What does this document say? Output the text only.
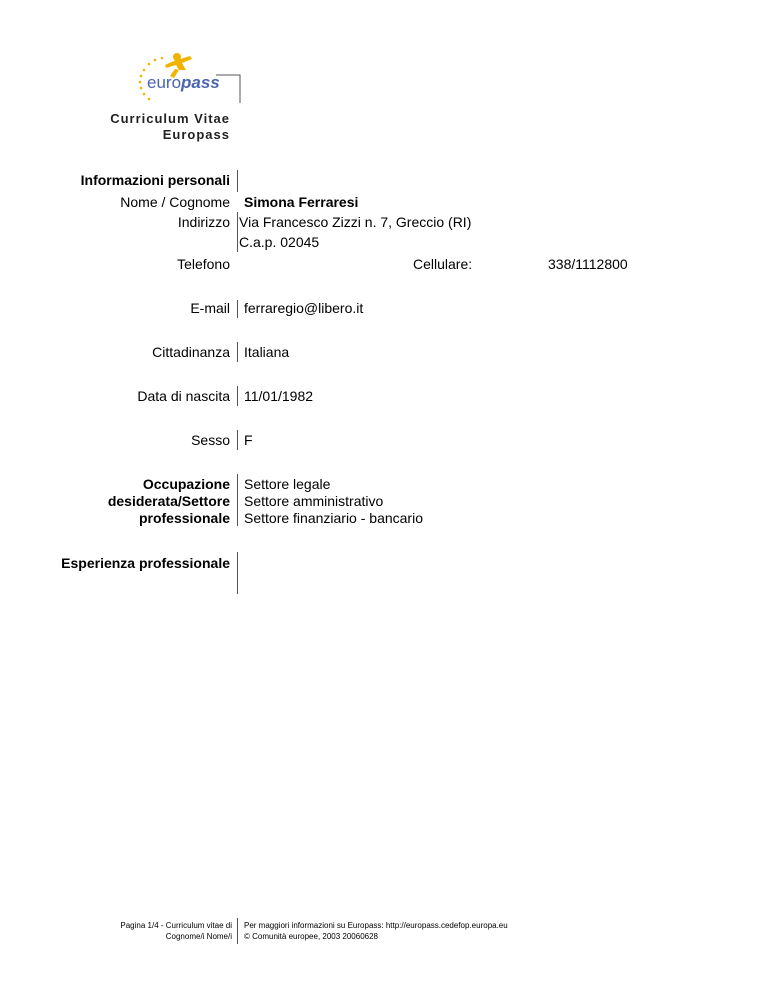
euro pass
Curriculum Vitae
Europass
Informazioni personali
Nome / Cognome Simona Ferraresi
Indirizzo Via Francesco Zizzi n. 7, Greccio (RI)
C.a.p. 02045
Telefono	Cellulare:	338/1112800
E-mail ferraregio@libero.it
Cittadinanza Italiana
Data di nascita 11/01/1982
Sesso F
Occupazione
desiderata/Settore
professionale
Settore legale
Settore amministrativo
Settore finanziario - bancario
Esperienza professionale
Pagina 1/4 - Curriculum vitae di
Cognome/i Nome/i
Per maggiori informazioni su Europass: http://europass.cedefop.europa.eu
© Comunità europee, 2003 20060628
